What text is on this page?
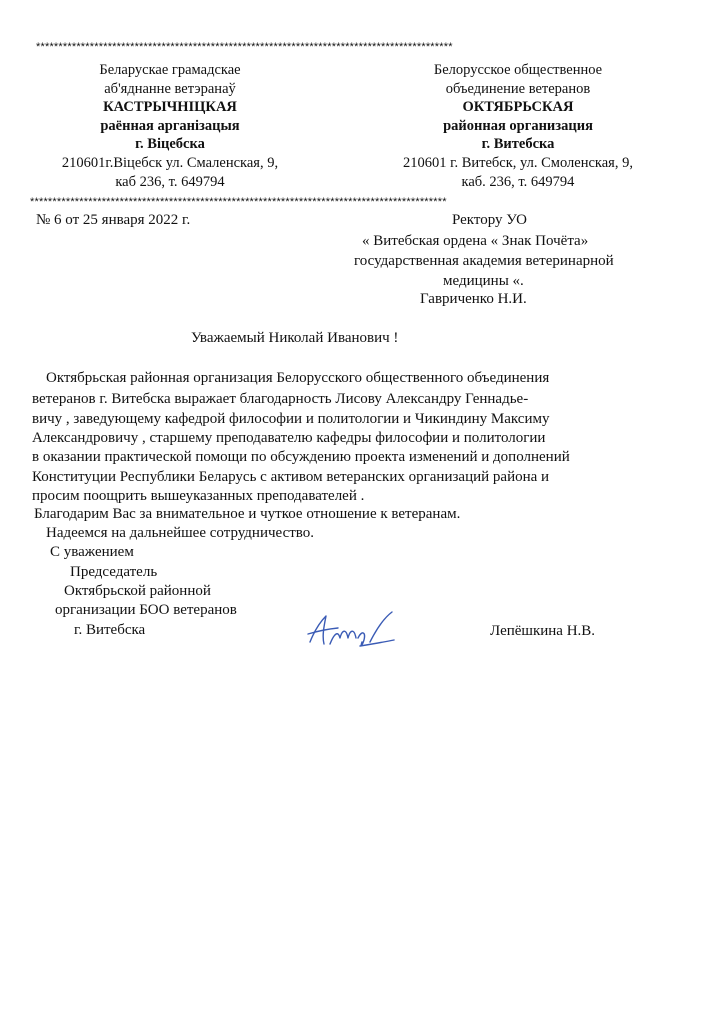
*********************************************************************************************
Беларускае грамадскае
аб'яднанне ветэранаў
КАСТРЫЧНІЦКАЯ
раённая арганізацыя
г. Віцебска
210601г.Віцебск ул. Смаленская, 9,
каб 236, т. 649794
Белорусское общественное
объединение ветеранов
ОКТЯБРЬСКАЯ
районная организация
г. Витебска
210601 г. Витебск, ул. Смоленская, 9,
каб. 236, т. 649794
*********************************************************************************************
№ 6 от 25 января 2022 г.	Ректору УО
« Витебская ордена « Знак Почёта»
государственная академия ветеринарной
медицины «.
Гавриченко Н.И.
Уважаемый Николай Иванович !
Октябрьская районная организация Белорусского общественного объединения
ветеранов г. Витебска выражает благодарность Лисову Александру Геннадье-
вичу , заведующему кафедрой философии и политологии и Чикиндину Максиму
Александровичу , старшему преподавателю кафедры философии и политологии
в оказании практической помощи по обсуждению проекта изменений и дополнений
Конституции Республики Беларусь с активом ветеранских организаций района и
просим поощрить вышеуказанных преподавателей .
Благодарим Вас за внимательное и чуткое отношение к ветеранам.
Надеемся на дальнейшее сотрудничество.
С уважением
Председатель
Октябрьской районной
организации БОО ветеранов
г. Витебска	Лепёшкина Н.В.
